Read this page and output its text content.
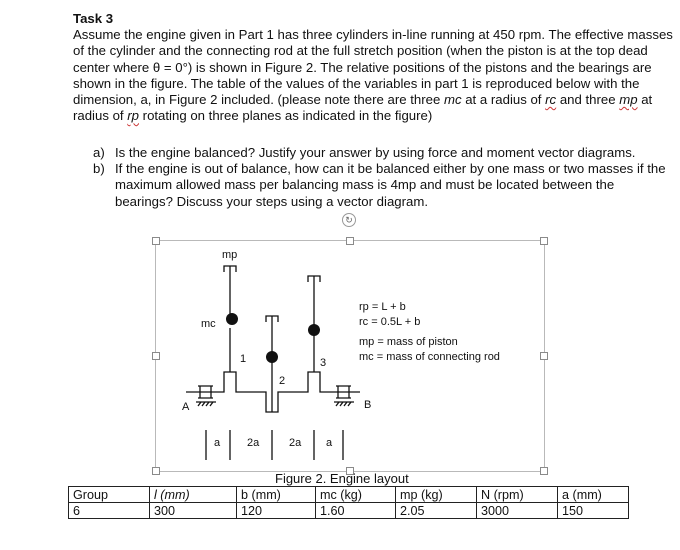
Task 3

Assume the engine given in Part 1 has three cylinders in-line running at 450 rpm. The effective masses of the cylinder and the connecting rod at the full stretch position (when the piston is at the top dead center where θ = 0°) is shown in Figure 2. The relative positions of the pistons and the bearings are shown in the figure. The table of the values of the variables in part 1 is reproduced below with the dimension, a, in Figure 2 included. (please note there are three mc at a radius of rc and three mp at radius of rp rotating on three planes as indicated in the figure)

a) Is the engine balanced? Justify your answer by using force and moment vector diagrams.
b) If the engine is out of balance, how can it be balanced either by one mass or two masses if the maximum allowed mass per balancing mass is 4mp and must be located between the bearings? Discuss your steps using a vector diagram.
↻
mp
mc
1
2
3
A	B
a 2a	2a a
rp = L + b
rc = 0.5L + b
mp = mass of piston
mc = mass of connecting rod
Figure 2. Engine layout
Group	l (mm)	b (mm)	mc (kg)	mp (kg)	N (rpm)	a (mm)
6	300	120	1.60	2.05	3000	150
